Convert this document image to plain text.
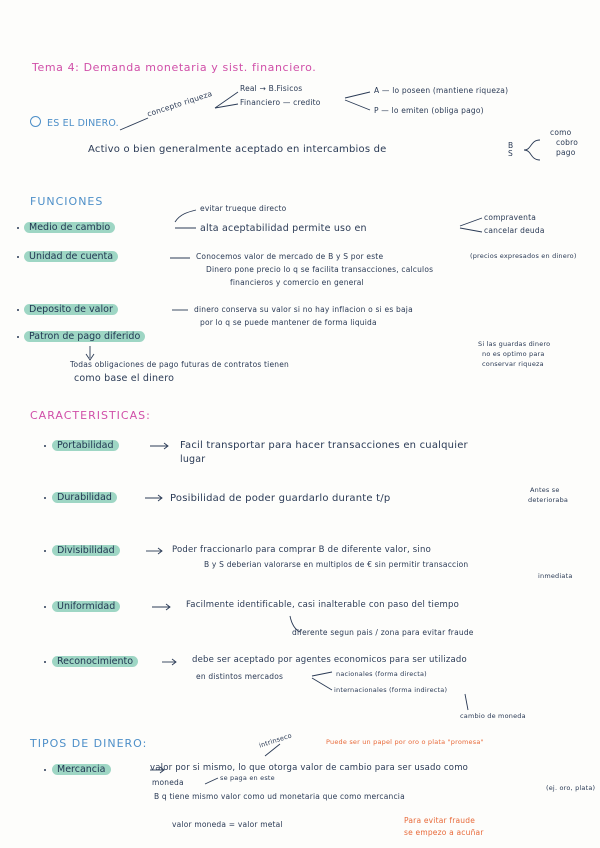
Tema 4: Demanda monetaria y sist. financiero.
ES EL DINERO.
concepto riqueza
Real → B.Fisicos
Financiero — credito
A — lo poseen (mantiene riqueza)
P — lo emiten (obliga pago)
Activo o bien generalmente aceptado en intercambios de	B S
como
cobro
pago
FUNCIONES
Medio de cambio
evitar trueque directo
alta aceptabilidad permite uso en
compraventa
cancelar deuda
Unidad de cuenta	Conocemos valor de mercado de B y S por este
Dinero pone precio lo q se facilita transacciones, calculos
financieros y comercio en general
(precios expresados en dinero)
Deposito de valor	dinero conserva su valor si no hay inflacion o si es baja
por lo q se puede mantener de forma liquida
Si las guardas dinero
no es optimo para
conservar riqueza
Patron de pago diferido
Todas obligaciones de pago futuras de contratos tienen
como base el dinero
CARACTERISTICAS:
Portabilidad	Facil transportar para hacer transacciones en cualquier
lugar
Durabilidad	Posibilidad de poder guardarlo durante t/p
Antes se
deterioraba
Divisibilidad	Poder fraccionarlo para comprar B de diferente valor, sino
B y S deberian valorarse en multiplos de € sin permitir transaccion
inmediata
Uniformidad	Facilmente identificable, casi inalterable con paso del tiempo
diferente segun pais / zona para evitar fraude
Reconocimiento	debe ser aceptado por agentes economicos para ser utilizado
en distintos mercados	nacionales (forma directa)
internacionales (forma indirecta)
cambio de moneda
TIPOS DE DINERO:	Puede ser un papel por oro o plata "promesa"
Mercancia
intrinseco
valor por si mismo, lo que otorga valor de cambio para ser usado como
moneda	se paga en este
B q tiene mismo valor como ud monetaria que como mercancia
(ej. oro, plata)
valor moneda = valor metal	Para evitar fraude
se empezo a acuñar
